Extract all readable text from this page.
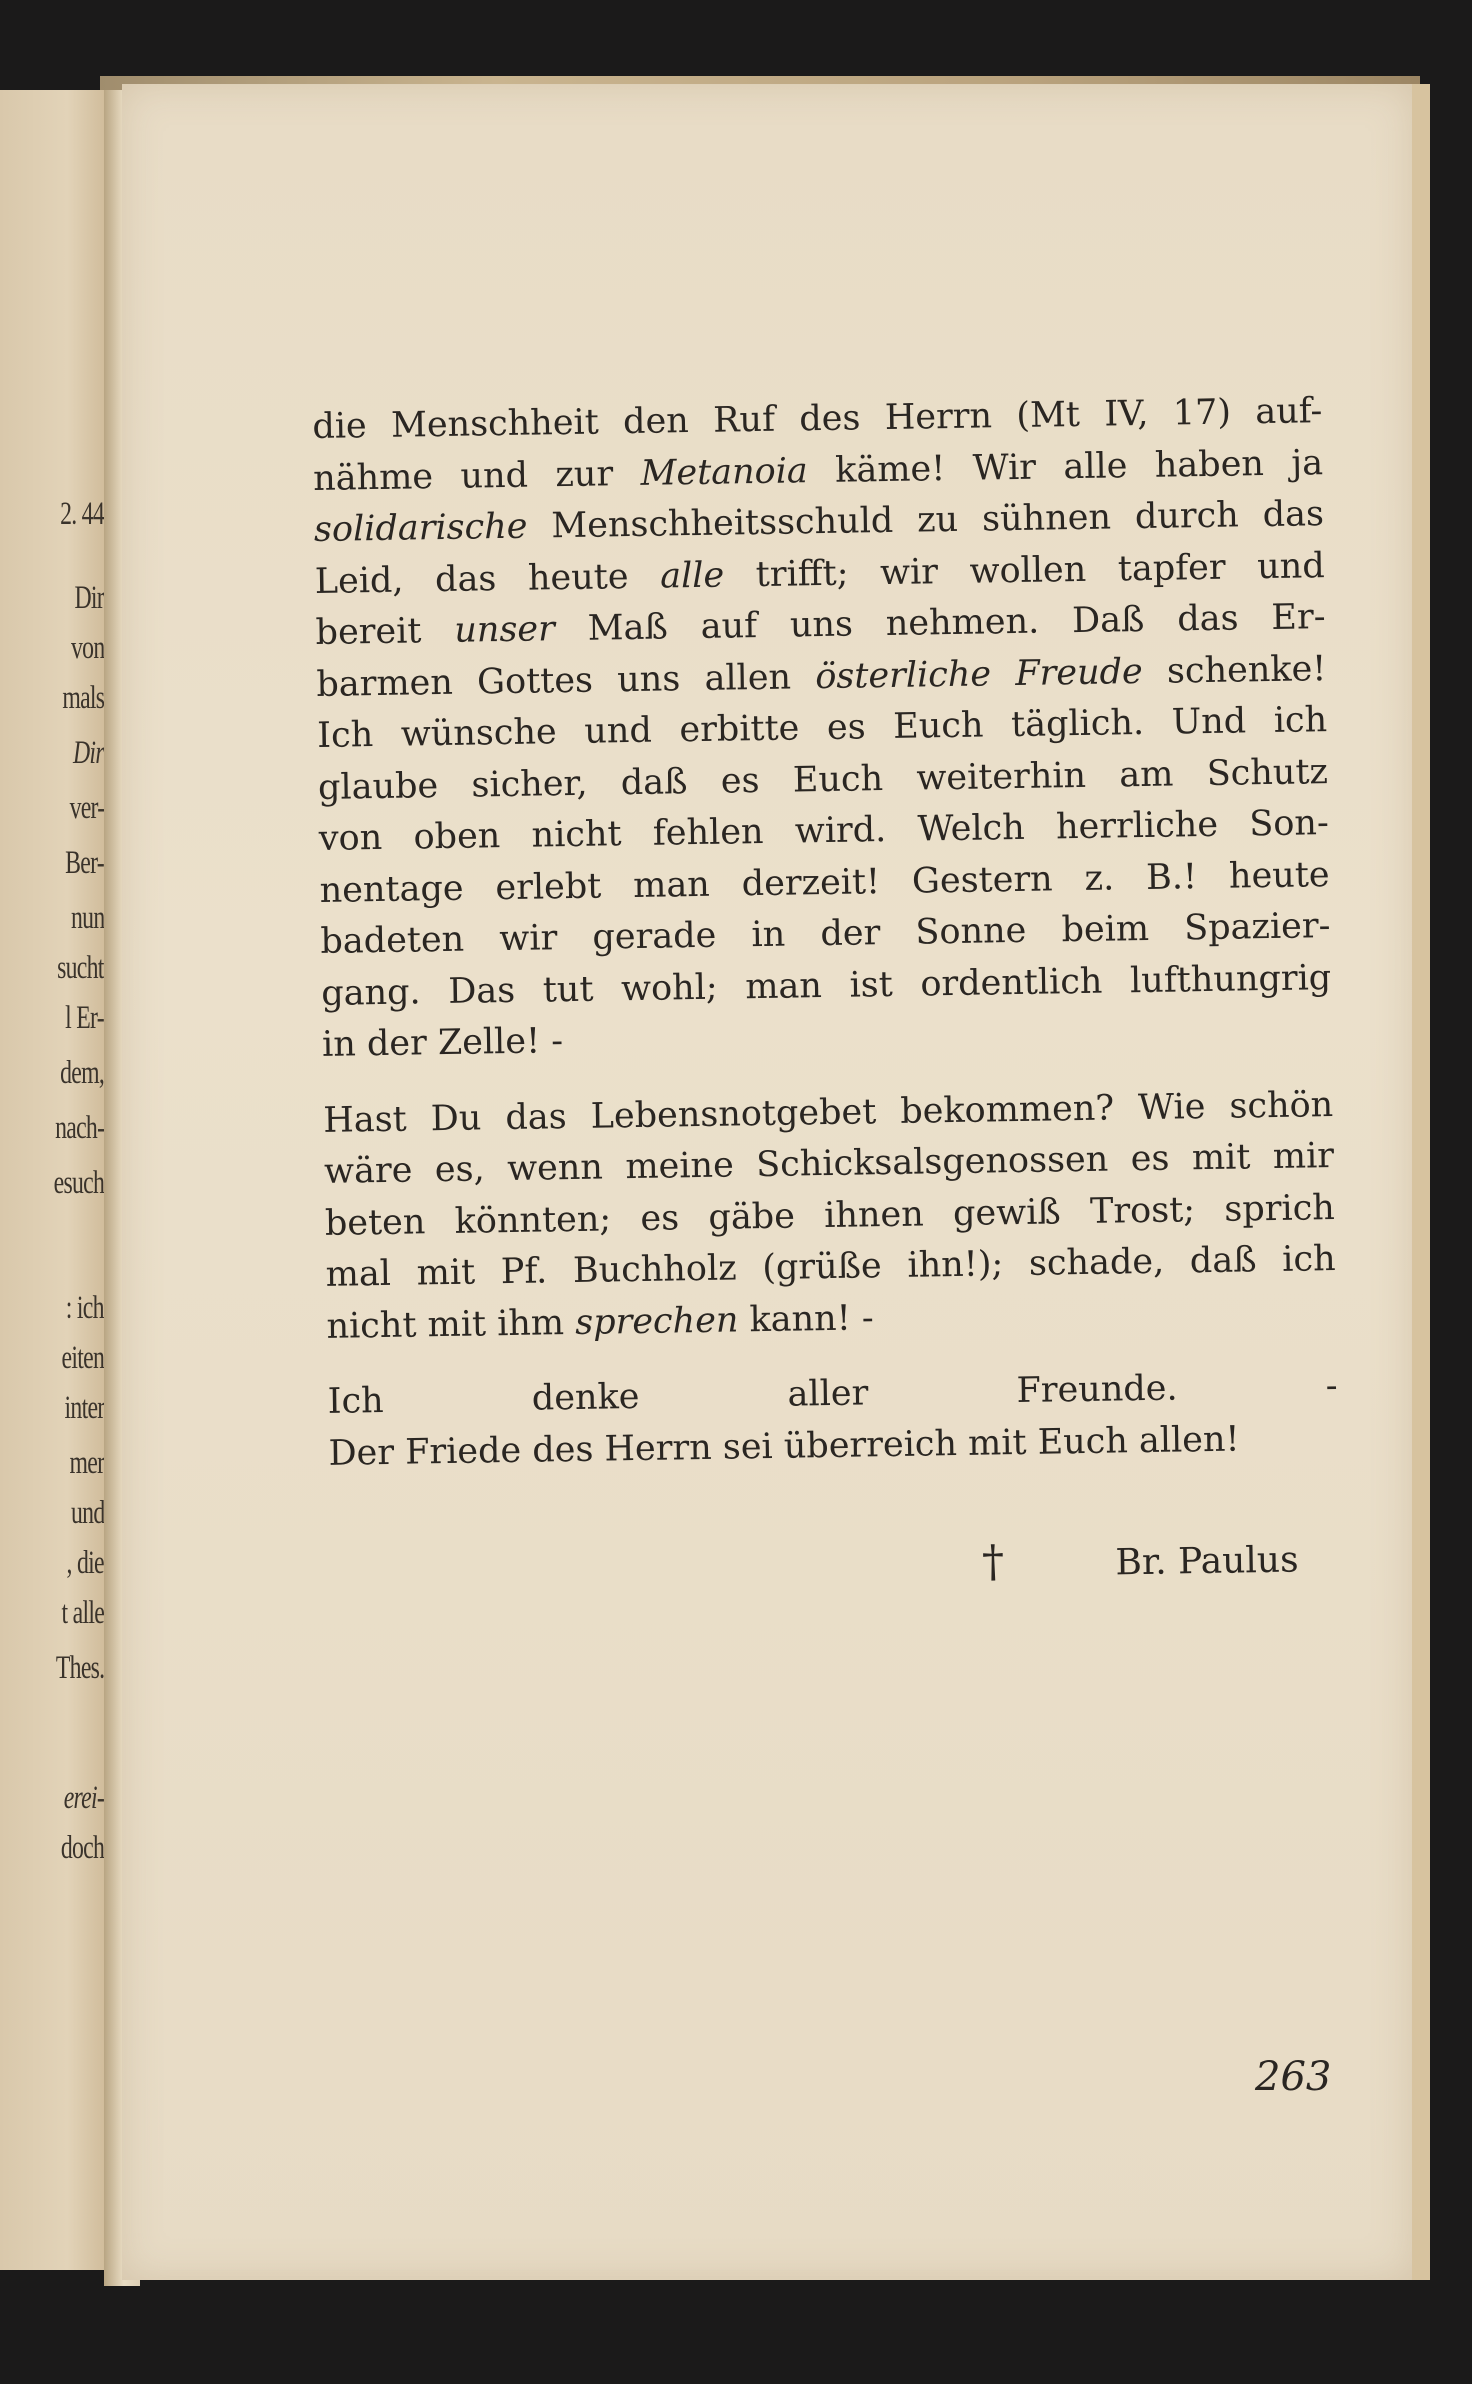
2. 44
Dir
von
mals
Dir
ver-
Ber-
nun
sucht
l Er-
dem,
nach-
esuch
: ich
eiten
inter
mer
und
, die
t alle
Thes.
erei-
doch
die Menschheit den Ruf des Herrn (Mt IV, 17) auf-
nähme und zur Metanoia käme! Wir alle haben ja
solidarische Menschheitsschuld zu sühnen durch das
Leid, das heute alle trifft; wir wollen tapfer und
bereit unser Maß auf uns nehmen. Daß das Er-
barmen Gottes uns allen österliche Freude schenke!
Ich wünsche und erbitte es Euch täglich. Und ich
glaube sicher, daß es Euch weiterhin am Schutz
von oben nicht fehlen wird. Welch herrliche Son-
nentage erlebt man derzeit! Gestern z. B.! heute
badeten wir gerade in der Sonne beim Spazier-
gang. Das tut wohl; man ist ordentlich lufthungrig
in der Zelle! -
Hast Du das Lebensnotgebet bekommen? Wie schön
wäre es, wenn meine Schicksalsgenossen es mit mir
beten könnten; es gäbe ihnen gewiß Trost; sprich
mal mit Pf. Buchholz (grüße ihn!); schade, daß ich
nicht mit ihm sprechen kann! -
Ich denke aller Freunde. -
Der Friede des Herrn sei überreich mit Euch allen!
†	Br. Paulus
263
